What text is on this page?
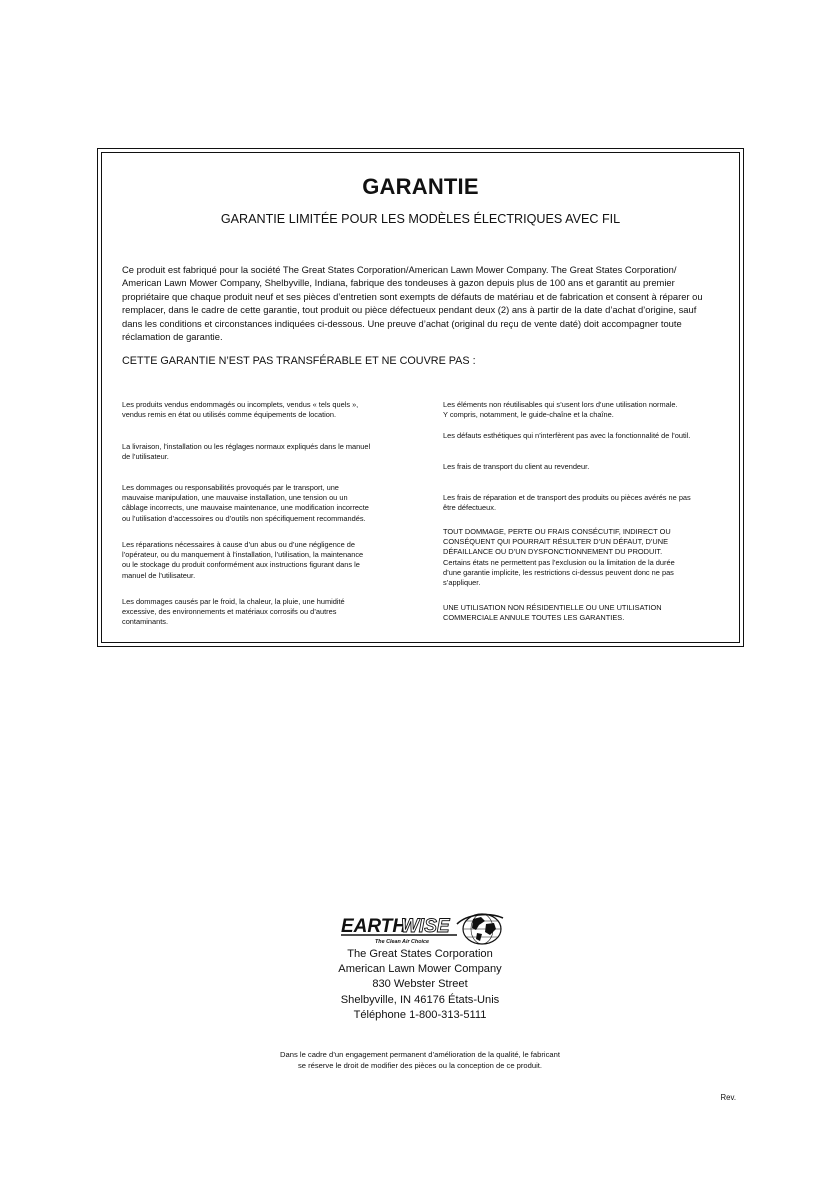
GARANTIE
GARANTIE LIMITÉE POUR LES MODÈLES ÉLECTRIQUES AVEC FIL
Ce produit est fabriqué pour la société The Great States Corporation/American Lawn Mower Company. The Great States Corporation/
American Lawn Mower Company, Shelbyville, Indiana, fabrique des tondeuses à gazon depuis plus de 100 ans et garantit au premier
propriétaire que chaque produit neuf et ses pièces d’entretien sont exempts de défauts de matériau et de fabrication et consent à réparer ou
remplacer, dans le cadre de cette garantie, tout produit ou pièce défectueux pendant deux (2) ans à partir de la date d’achat d’origine, sauf
dans les conditions et circonstances indiquées ci-dessous. Une preuve d’achat (original du reçu de vente daté) doit accompagner toute
réclamation de garantie.
CETTE GARANTIE N’EST PAS TRANSFÉRABLE ET NE COUVRE PAS :
Les produits vendus endommagés ou incomplets, vendus « tels quels »,
vendus remis en état ou utilisés comme équipements de location.
La livraison, l’installation ou les réglages normaux expliqués dans le manuel
de l’utilisateur.
Les dommages ou responsabilités provoqués par le transport, une
mauvaise manipulation, une mauvaise installation, une tension ou un
câblage incorrects, une mauvaise maintenance, une modification incorrecte
ou l’utilisation d’accessoires ou d’outils non spécifiquement recommandés.
Les réparations nécessaires à cause d’un abus ou d’une négligence de
l’opérateur, ou du manquement à l’installation, l’utilisation, la maintenance
ou le stockage du produit conformément aux instructions figurant dans le
manuel de l’utilisateur.
Les dommages causés par le froid, la chaleur, la pluie, une humidité
excessive, des environnements et matériaux corrosifs ou d’autres
contaminants.
Les éléments non réutilisables qui s’usent lors d’une utilisation normale.
Y compris, notamment, le guide-chaîne et la chaîne.
Les défauts esthétiques qui n’interfèrent pas avec la fonctionnalité de l’outil.
Les frais de transport du client au revendeur.
Les frais de réparation et de transport des produits ou pièces avérés ne pas
être défectueux.
TOUT DOMMAGE, PERTE OU FRAIS CONSÉCUTIF, INDIRECT OU
CONSÉQUENT QUI POURRAIT RÉSULTER D’UN DÉFAUT, D’UNE
DÉFAILLANCE OU D’UN DYSFONCTIONNEMENT DU PRODUIT.
Certains états ne permettent pas l’exclusion ou la limitation de la durée
d’une garantie implicite, les restrictions ci-dessus peuvent donc ne pas
s’appliquer.
UNE UTILISATION NON RÉSIDENTIELLE OU UNE UTILISATION
COMMERCIALE ANNULE TOUTES LES GARANTIES.
EARTH
WISE
The Clean Air Choice
The Great States Corporation
American Lawn Mower Company
830 Webster Street
Shelbyville, IN 46176 États-Unis
Téléphone 1-800-313-5111
Dans le cadre d’un engagement permanent d’amélioration de la qualité, le fabricant
se réserve le droit de modifier des pièces ou la conception de ce produit.
Rev.
